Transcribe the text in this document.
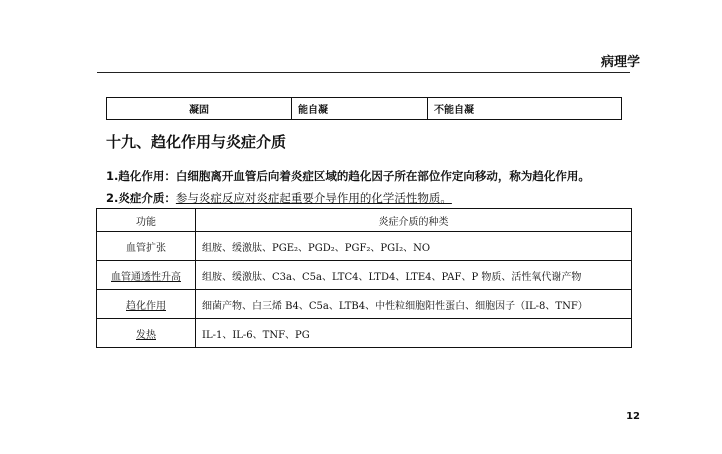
病理学
凝固	能自凝	不能自凝
十九、趋化作用与炎症介质
1.趋化作用：白细胞离开血管后向着炎症区域的趋化因子所在部位作定向移动，称为趋化作用。
2.炎症介质：参与炎症反应对炎症起重要介导作用的化学活性物质。
功能	炎症介质的种类
血管扩张	组胺、缓激肽、PGE₂、PGD₂、PGF₂、PGI₂、NO
血管通透性升高	组胺、缓激肽、C3a、C5a、LTC4、LTD4、LTE4、PAF、P 物质、活性氧代谢产物
趋化作用	细菌产物、白三烯 B4、C5a、LTB4、中性粒细胞阳性蛋白、细胞因子（IL-8、TNF）
发热	IL-1、IL-6、TNF、PG
12
